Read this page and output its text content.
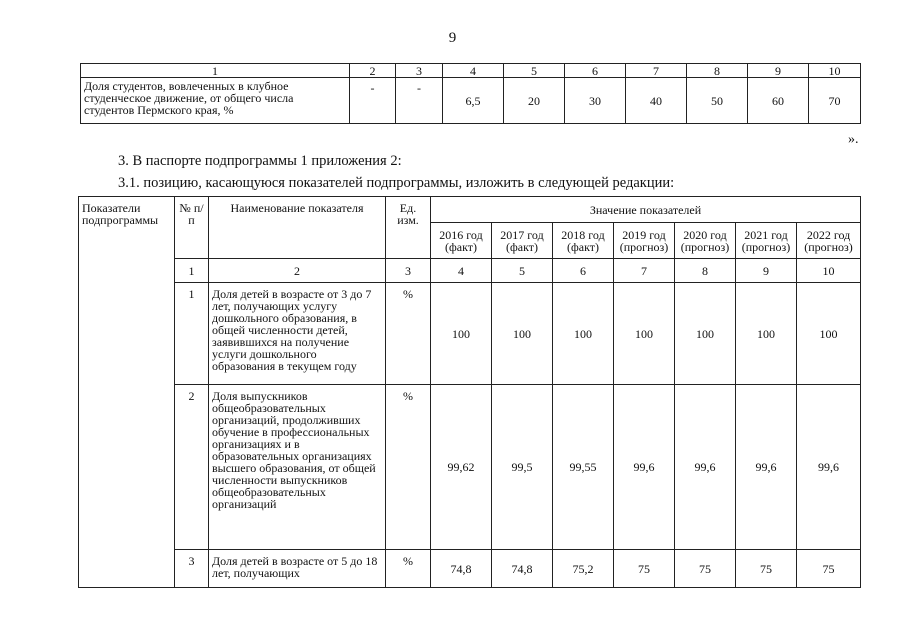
9
1	2	3	4	5	6	7	8	9	10
Доля студентов, вовлеченных в клубное студенческое движение, от общего числа студентов Пермского края, %	-	-	6,5	20	30	40	50	60	70
».
3. В паспорте подпрограммы 1 приложения 2:
3.1. позицию, касающуюся показателей подпрограммы, изложить в следующей редакции:
Показатели подпрограммы	№ п/п	Наименование показателя	Ед. изм.	Значение показателей						
				2016 год (факт)	2017 год (факт)	2018 год (факт)	2019 год (прогноз)	2020 год (прогноз)	2021 год (прогноз)	2022 год (прогноз)
	1	2	3	4	5	6	7	8	9	10
	1	Доля детей в возрасте от 3 до 7 лет, получающих услугу дошкольного образования, в общей численности детей, заявившихся на получение услуги дошкольного образования в текущем году	%	100	100	100	100	100	100	100
	2	Доля выпускников общеобразовательных организаций, продолживших обучение в профессиональных организациях и в образовательных организациях высшего образования, от общей численности выпускников общеобразовательных организаций	%	99,62	99,5	99,55	99,6	99,6	99,6	99,6
	3	Доля детей в возрасте от 5 до 18 лет, получающих	%	74,8	74,8	75,2	75	75	75	75
